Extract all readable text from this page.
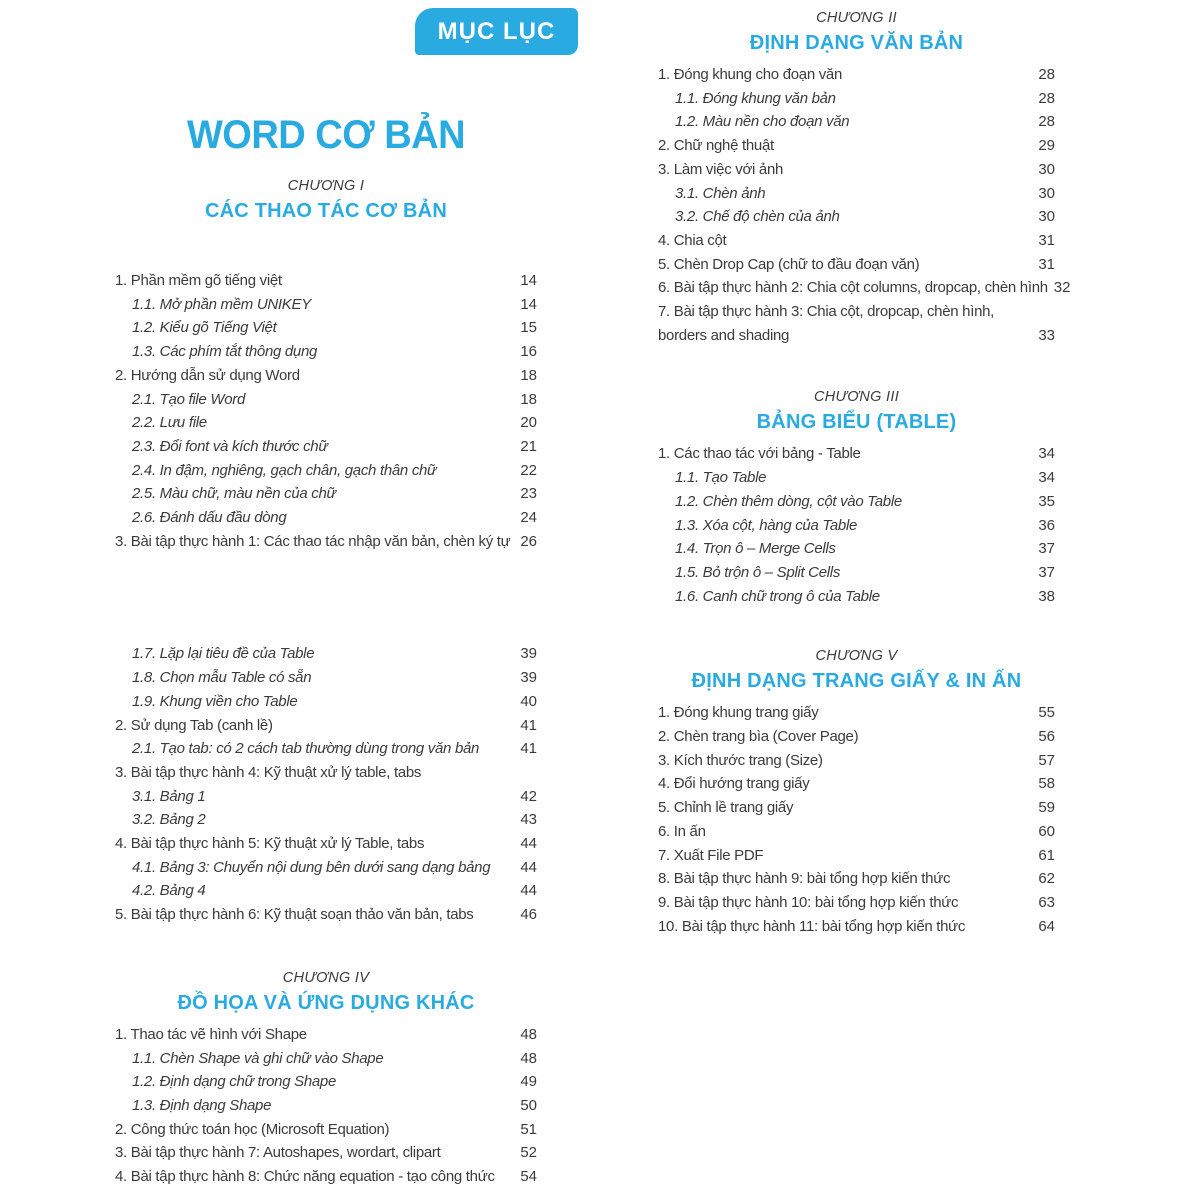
MỤC LỤC
WORD CƠ BẢN
CHƯƠNG I
CÁC THAO TÁC CƠ BẢN
1. Phần mềm gõ tiếng việt	14
1.1. Mở phần mềm UNIKEY	14
1.2. Kiểu gõ Tiếng Việt	15
1.3. Các phím tắt thông dụng	16
2. Hướng dẫn sử dụng Word	18
2.1. Tạo file Word	18
2.2. Lưu file	20
2.3. Đổi font và kích thước chữ	21
2.4. In đậm, nghiêng, gạch chân, gạch thân chữ	22
2.5. Màu chữ, màu nền của chữ	23
2.6. Đánh dấu đầu dòng	24
3. Bài tập thực hành 1: Các thao tác nhập văn bản, chèn ký tự 26
1.7. Lặp lại tiêu đề của Table	39
1.8. Chọn mẫu Table có sẵn	39
1.9. Khung viền cho Table	40
2. Sử dụng Tab (canh lề)	41
2.1. Tạo tab: có 2 cách tab thường dùng trong văn bản	41
3. Bài tập thực hành 4: Kỹ thuật xử lý table, tabs
3.1. Bảng 1	42
3.2. Bảng 2	43
4. Bài tập thực hành 5: Kỹ thuật xử lý Table, tabs	44
4.1. Bảng 3: Chuyển nội dung bên dưới sang dạng bảng 44
4.2. Bảng 4	44
5. Bài tập thực hành 6: Kỹ thuật soạn thảo văn bản, tabs	46
CHƯƠNG IV
ĐỒ HỌA VÀ ỨNG DỤNG KHÁC
1. Thao tác vẽ hình với Shape	48
1.1. Chèn Shape và ghi chữ vào Shape	48
1.2. Định dạng chữ trong Shape	49
1.3. Định dạng Shape	50
2. Công thức toán học (Microsoft Equation)	51
3. Bài tập thực hành 7: Autoshapes, wordart, clipart	52
4. Bài tập thực hành 8: Chức năng equation - tạo công thức 54
CHƯƠNG II
ĐỊNH DẠNG VĂN BẢN
1. Đóng khung cho đoạn văn	28
1.1. Đóng khung văn bản	28
1.2. Màu nền cho đoạn văn	28
2. Chữ nghệ thuật	29
3. Làm việc với ảnh	30
3.1. Chèn ảnh	30
3.2. Chế độ chèn của ảnh	30
4. Chia cột	31
5. Chèn Drop Cap (chữ to đầu đoạn văn)	31
6. Bài tập thực hành 2: Chia cột columns, dropcap, chèn hình 32
7. Bài tập thực hành 3: Chia cột, dropcap, chèn hình,
borders and shading	33
CHƯƠNG III
BẢNG BIỂU (TABLE)
1. Các thao tác với bảng - Table	34
1.1. Tạo Table	34
1.2. Chèn thêm dòng, cột vào Table	35
1.3. Xóa cột, hàng của Table	36
1.4. Trọn ô – Merge Cells	37
1.5. Bỏ trộn ô – Split Cells	37
1.6. Canh chữ trong ô của Table	38
CHƯƠNG V
ĐỊNH DẠNG TRANG GIẤY & IN ẤN
1. Đóng khung trang giấy	55
2. Chèn trang bìa (Cover Page)	56
3. Kích thước trang (Size)	57
4. Đổi hướng trang giấy	58
5. Chỉnh lề trang giấy	59
6. In ấn	60
7. Xuất File PDF	61
8. Bài tập thực hành 9: bài tổng hợp kiến thức	62
9. Bài tập thực hành 10: bài tổng hợp kiến thức	63
10. Bài tập thực hành 11: bài tổng hợp kiến thức	64
